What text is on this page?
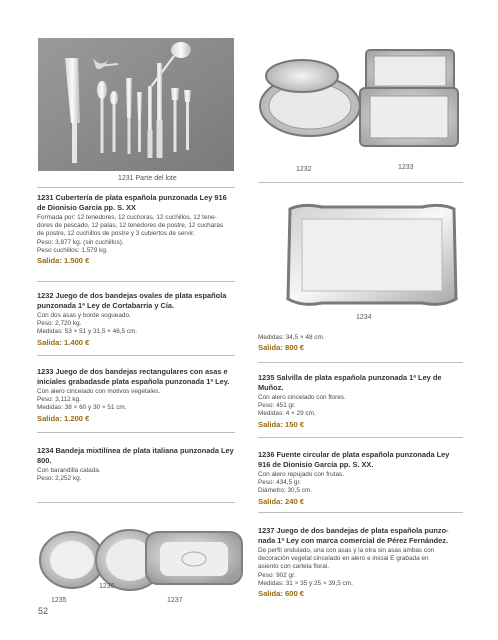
1231 Parte del lote
1232	1233
1234
1235
1236
1237
1231 Cubertería de plata española punzonada Ley 916 de Dionisio García pp. S. XX
Formada por: 12 tenedores, 12 cuchoras, 12 cuchillos, 12 tene-
dores de pescado, 12 palas, 12 tenedores de postre, 12 cucharas
de postre, 12 cuchillos de postre y 3 cubiertos de servir.
Peso: 3,877 kg. (sin cuchillos).
Peso cuchillos: 1,579 kg.
Salida: 1.500 €
1232 Juego de dos bandejas ovales de plata española punzonada 1ª Ley de Cortabarría y Cía.
Con dos asas y borde sogueado.
Peso: 2,720 kg.
Medidas: 53 × 51 y 31,5 × 46,5 cm.
Salida: 1.400 €
1233 Juego de dos bandejas rectangulares con asas e iniciales grabadasde plata española punzonada 1ª Ley.
Con alero cincelado con motivos vegetales.
Peso: 3,112 kg.
Medidas: 38 × 60 y 30 × 51 cm.
Salida: 1.200 €
1234 Bandeja mixtilínea de plata italiana punzonada Ley 800.
Con barandilla calada.
Peso: 2,252 kg.
Medidas: 34,5 × 48 cm.
Salida: 800 €
1235 Salvilla de plata española punzonada 1ª Ley de Muñoz.
Con alero cincelado con flores.
Peso: 451 gr.
Medidas: 4 × 29 cm.
Salida: 150 €
1236 Fuente circular de plata española punzonada Ley 916 de Dionisio García pp. S. XX.
Con alero repujado con frutas.
Peso: 434,5 gr.
Diámetro: 30,5 cm.
Salida: 240 €
1237 Juego de dos bandejas de plata española punzo- nada 1ª Ley con marca comercial de Pérez Fernández.
De perfil ondulado, una con asas y la otra sin asas ambas con
decoración vegetal cincelado en alero e inicial E grabada en
asiento con cartela floral.
Peso: 902 gr.
Medidas: 31 × 35 y 25 × 39,5 cm.
Salida: 600 €
52
